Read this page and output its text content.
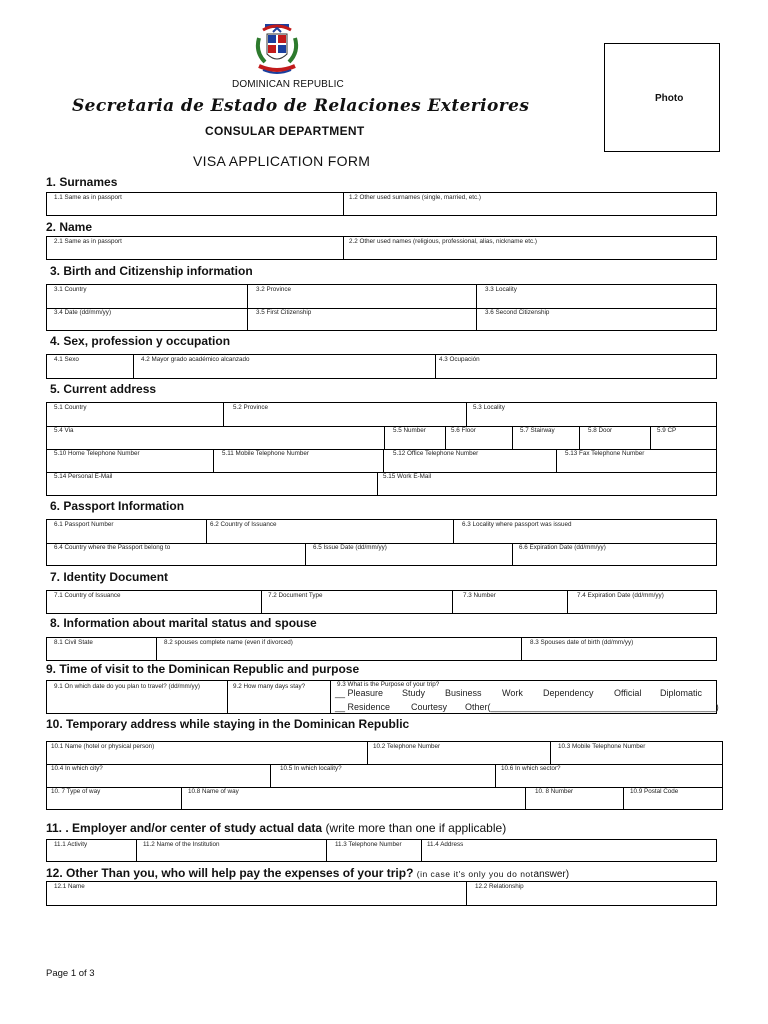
DOMINICAN REPUBLIC
Secretaria de Estado de Relaciones Exteriores
CONSULAR DEPARTMENT
VISA APPLICATION FORM
Photo
1. Surnames
1.1 Same as in passport	1.2 Other used surnames (single, married, etc.)
2. Name
2.1 Same as in passport	2.2 Other used names (religious, professional, alias, nickname etc.)
3. Birth and Citizenship information
3.1 Country	3.2 Province	3.3 Locality
3.4 Date (dd/mm/yy)	3.5 First Citizenship	3.6 Second Citizenship
4. Sex, profession y occupation
4.1 Sexo	4.2 Mayor grado académico alcanzado	4.3 Ocupación
5. Current address
5.1 Country	5.2 Province	5.3 Locality
5.4 Via	5.5 Number	5.6 Floor	5.7 Stairway	5.8 Door	5.9 CP
5.10 Home Telephone Number	5.11 Mobile Telephone Number	5.12 Office Telephone Number	5.13 Fax Telephone Number
5.14 Personal E-Mail	5.15 Work E-Mail
6. Passport Information
6.1 Passport Number	6.2 Country of Issuance	6.3 Locality where passport was issued
6.4 Country where the Passport belong to	6.5 Issue Date (dd/mm/yy)	6.6 Expiration Date (dd/mm/yy)
7. Identity Document
7.1 Country of Issuance	7.2 Document Type	7.3 Number	7.4 Expiration Date (dd/mm/yy)
8. Information about marital status and spouse
8.1 Civil State	8.2 spouses complete name (even if divorced)	8.3 Spouses date of birth (dd/mm/yy)
9. Time of visit to the Dominican Republic and purpose
9.1 On which date do you plan to travel? (dd/mm/yy)	9.2 How many days stay?	9.3 What is the Purpose of your trip?
__ Pleasure Study Business Work Dependency Official Diplomatic
__ Residence Courtesy Other(_____________________________________________)
10. Temporary address while staying in the Dominican Republic
10.1 Name (hotel or physical person)	10.2 Telephone Number	10.3 Mobile Telephone Number
10.4 In which city?	10.5 In which locality?	10.6 In which sector?
10. 7 Type of way	10.8 Name of way	10. 8 Number	10.9 Postal Code
11. . Employer and/or center of study actual data (write more than one if applicable)
11.1 Activity	11.2 Name of the Institution	11.3 Telephone Number	11.4 Address
12. Other Than you, who will help pay the expenses of your trip? (in case it's only you do notanswer)
12.1 Name	12.2 Relationship
Page 1 of 3
